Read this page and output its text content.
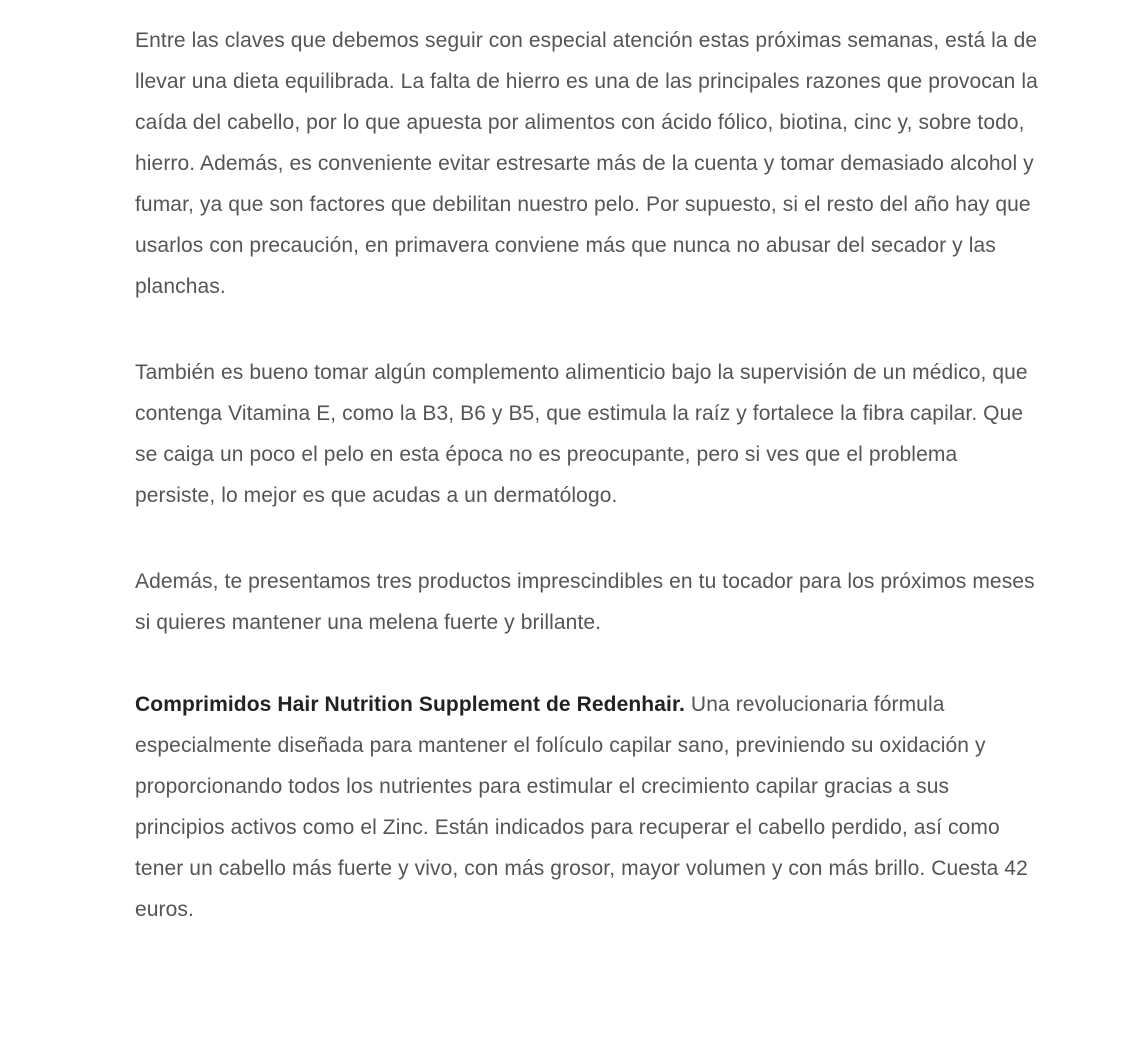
Entre las claves que debemos seguir con especial atención estas próximas semanas, está la de llevar una dieta equilibrada. La falta de hierro es una de las principales razones que provocan la caída del cabello, por lo que apuesta por alimentos con ácido fólico, biotina, cinc y, sobre todo, hierro. Además, es conveniente evitar estresarte más de la cuenta y tomar demasiado alcohol y fumar, ya que son factores que debilitan nuestro pelo. Por supuesto, si el resto del año hay que usarlos con precaución, en primavera conviene más que nunca no abusar del secador y las planchas.

También es bueno tomar algún complemento alimenticio bajo la supervisión de un médico, que contenga Vitamina E, como la B3, B6 y B5, que estimula la raíz y fortalece la fibra capilar. Que se caiga un poco el pelo en esta época no es preocupante, pero si ves que el problema persiste, lo mejor es que acudas a un dermatólogo.

Además, te presentamos tres productos imprescindibles en tu tocador para los próximos meses si quieres mantener una melena fuerte y brillante.

Comprimidos Hair Nutrition Supplement de Redenhair. Una revolucionaria fórmula especialmente diseñada para mantener el folículo capilar sano, previniendo su oxidación y proporcionando todos los nutrientes para estimular el crecimiento capilar gracias a sus principios activos como el Zinc. Están indicados para recuperar el cabello perdido, así como tener un cabello más fuerte y vivo, con más grosor, mayor volumen y con más brillo. Cuesta 42 euros.
